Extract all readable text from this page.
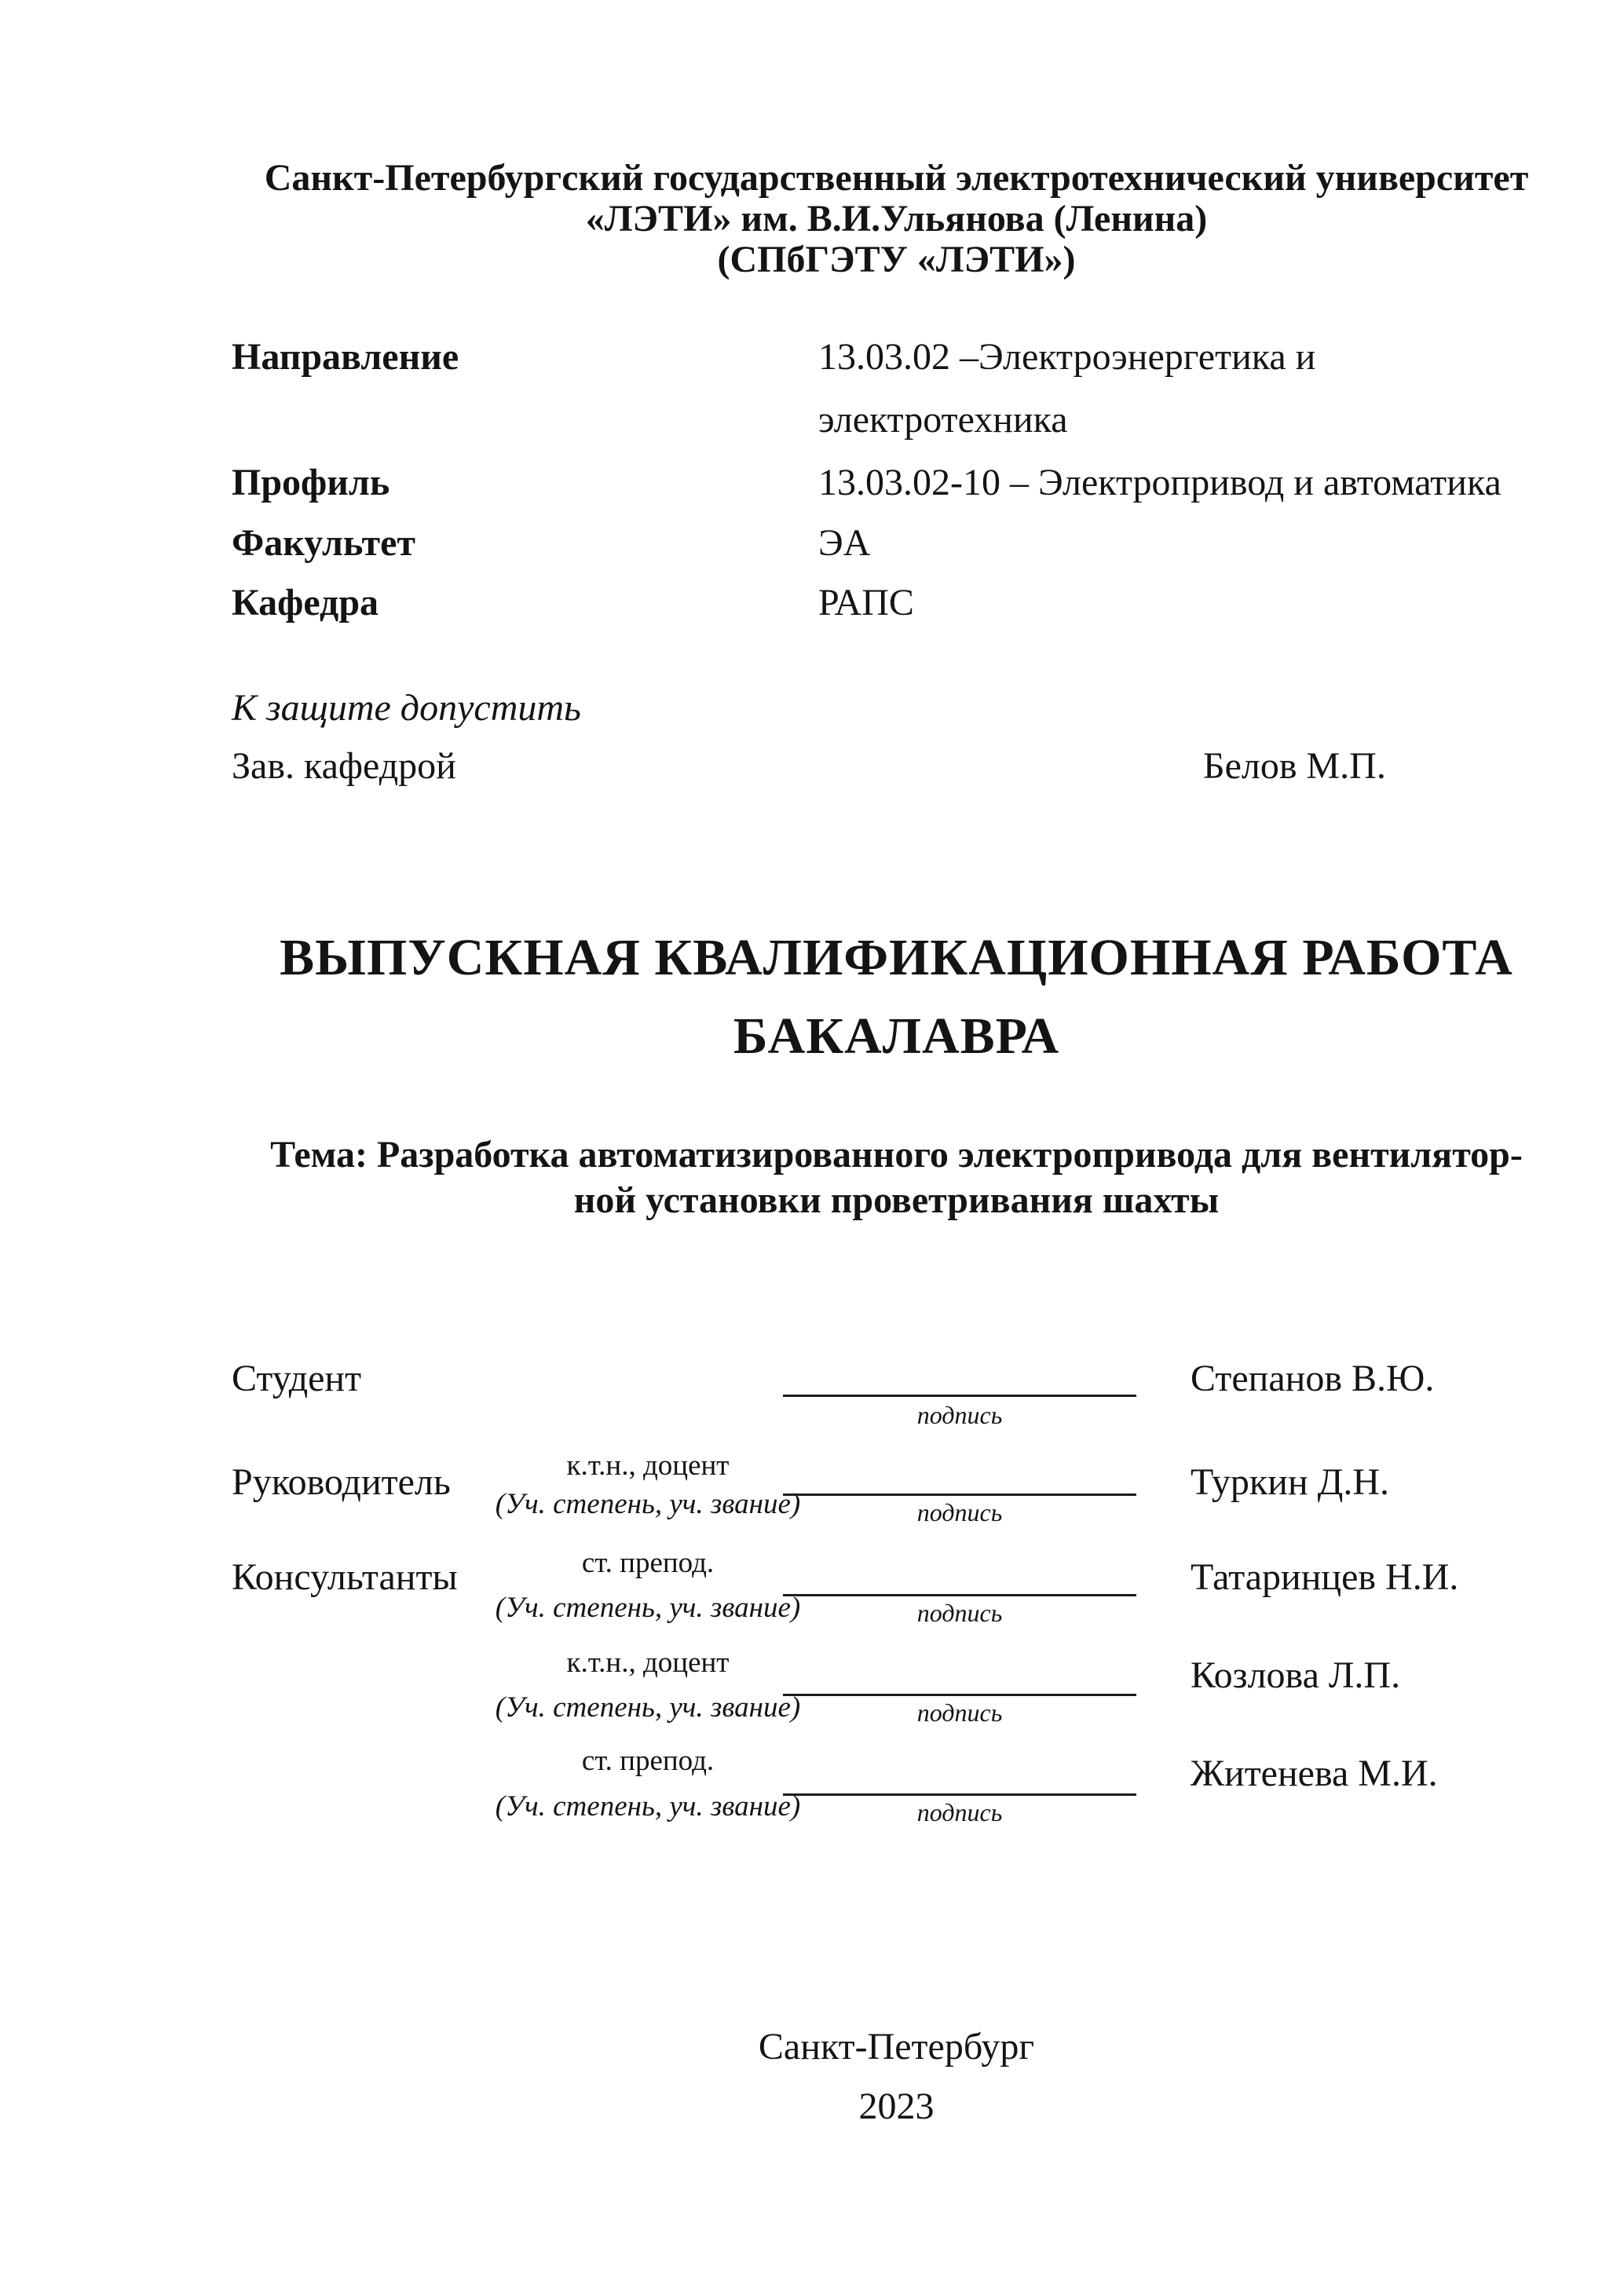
Санкт-Петербургский государственный электротехнический университет
«ЛЭТИ» им. В.И.Ульянова (Ленина)
(СПбГЭТУ «ЛЭТИ»)
Направление	13.03.02 –Электроэнергетика и
электротехника
Профиль	13.03.02-10 – Электропривод и автоматика
Факультет	ЭА
Кафедра	РАПС
К защите допустить
Зав. кафедрой	Белов М.П.
ВЫПУСКНАЯ КВАЛИФИКАЦИОННАЯ РАБОТА
БАКАЛАВРА
Тема: Разработка автоматизированного электропривода для вентилятор-
ной установки проветривания шахты
Студент
подпись
Степанов В.Ю.
Руководитель	к.т.н., доцент
(Уч. степень, уч. звание)	подпись
Туркин Д.Н.
Консультанты	ст. препод.
(Уч. степень, уч. звание)	подпись
Татаринцев Н.И.
к.т.н., доцент
(Уч. степень, уч. звание)	подпись
Козлова Л.П.
ст. препод.
(Уч. степень, уч. звание)	подпись
Житенева М.И.
Санкт-Петербург
2023
